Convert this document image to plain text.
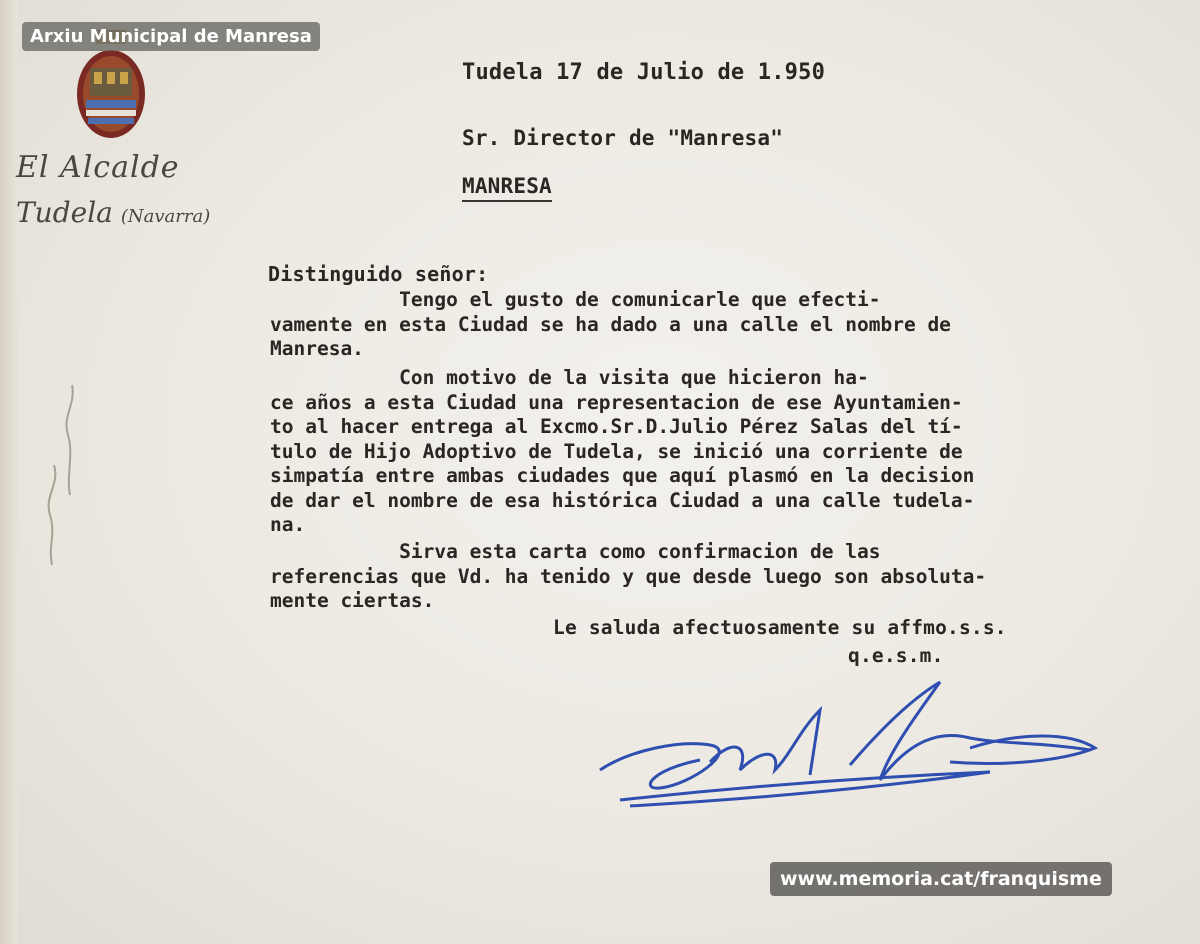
Arxiu Municipal de Manresa
El Alcalde
Tudela (Navarra)
Tudela 17 de Julio de 1.950
Sr. Director de "Manresa"
MANRESA
Distinguido señor:
Tengo el gusto de comunicarle que efecti-
vamente en esta Ciudad se ha dado a una calle el nombre de
Manresa.
Con motivo de la visita que hicieron ha-
ce años a esta Ciudad una representacion de ese Ayuntamien-
to al hacer entrega al Excmo.Sr.D.Julio Pérez Salas del tí-
tulo de Hijo Adoptivo de Tudela, se inició una corriente de
simpatía entre ambas ciudades que aquí plasmó en la decision
de dar el nombre de esa histórica Ciudad a una calle tudela-
na.
Sirva esta carta como confirmacion de las
referencias que Vd. ha tenido y que desde luego son absoluta-
mente ciertas.
Le saluda afectuosamente su affmo.s.s.
q.e.s.m.
www.memoria.cat/franquisme
